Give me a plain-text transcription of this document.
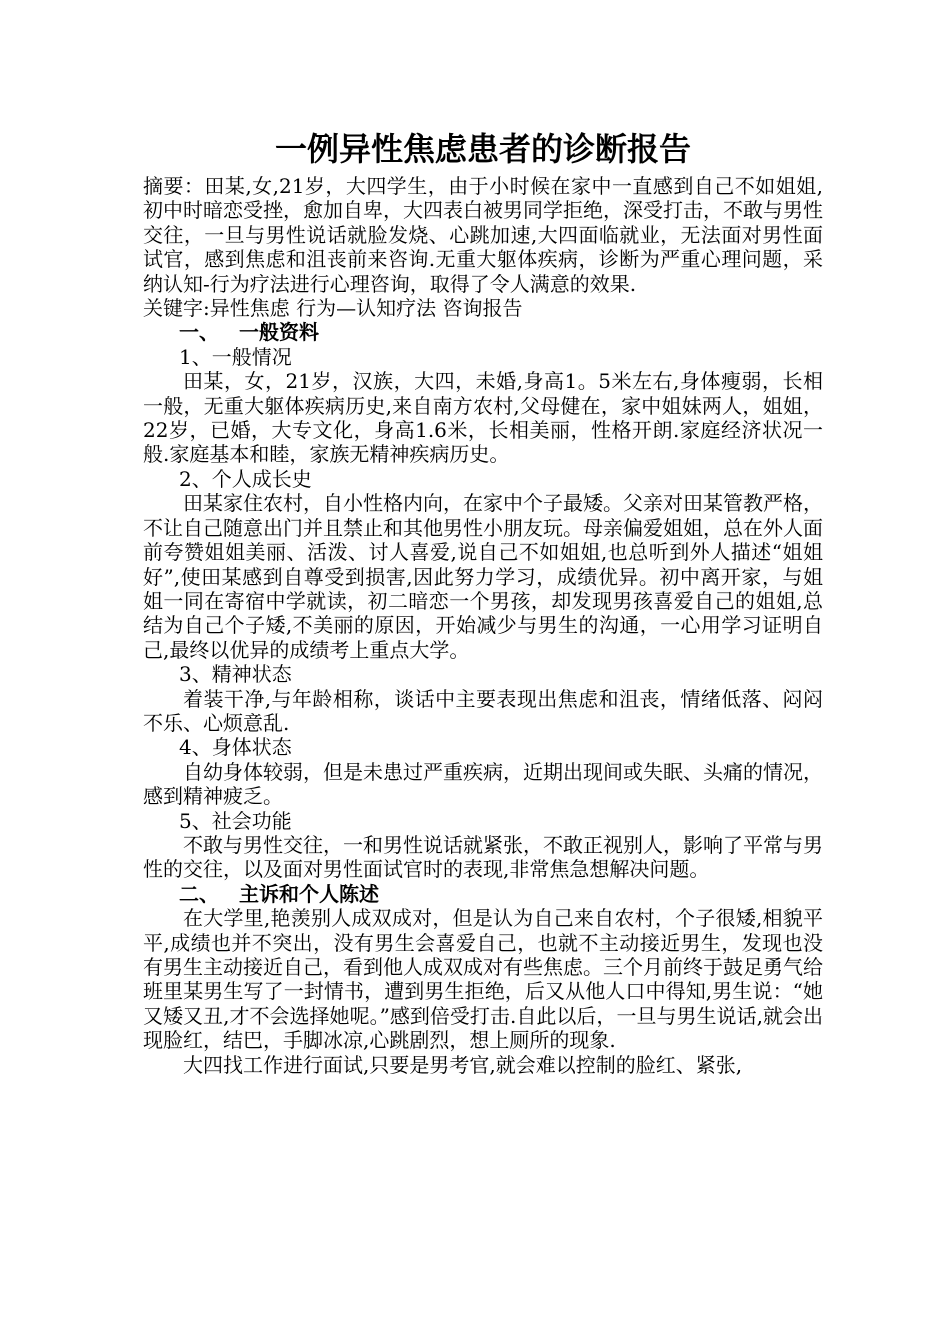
一例异性焦虑患者的诊断报告

摘要：田某,女,21岁，大四学生，由于小时候在家中一直感到自己不如姐姐,初中时暗恋受挫，愈加自卑，大四表白被男同学拒绝，深受打击，不敢与男性交往，一旦与男性说话就脸发烧、心跳加速,大四面临就业，无法面对男性面试官，感到焦虑和沮丧前来咨询.无重大躯体疾病，诊断为严重心理问题，采纳认知-行为疗法进行心理咨询，取得了令人满意的效果.

关键字:异性焦虑 行为—认知疗法 咨询报告

一、 一般资料
1、一般情况

田某，女，21岁，汉族，大四，未婚,身高1。5米左右,身体瘦弱，长相一般，无重大躯体疾病历史,来自南方农村,父母健在，家中姐妹两人，姐姐，22岁，已婚，大专文化，身高1.6米，长相美丽，性格开朗.家庭经济状况一般.家庭基本和睦，家族无精神疾病历史。

2、个人成长史

田某家住农村，自小性格内向，在家中个子最矮。父亲对田某管教严格，不让自己随意出门并且禁止和其他男性小朋友玩。母亲偏爱姐姐，总在外人面前夸赞姐姐美丽、活泼、讨人喜爱,说自己不如姐姐,也总听到外人描述“姐姐好”,使田某感到自尊受到损害,因此努力学习，成绩优异。初中离开家，与姐姐一同在寄宿中学就读，初二暗恋一个男孩，却发现男孩喜爱自己的姐姐,总结为自己个子矮,不美丽的原因，开始减少与男生的沟通，一心用学习证明自己,最终以优异的成绩考上重点大学。

3、精神状态

着装干净,与年龄相称，谈话中主要表现出焦虑和沮丧，情绪低落、闷闷不乐、心烦意乱.

4、身体状态

自幼身体较弱，但是未患过严重疾病，近期出现间或失眠、头痛的情况，感到精神疲乏。

5、社会功能

不敢与男性交往，一和男性说话就紧张，不敢正视别人，影响了平常与男性的交往，以及面对男性面试官时的表现,非常焦急想解决问题。

二、 主诉和个人陈述

在大学里,艳羡别人成双成对，但是认为自己来自农村，个子很矮,相貌平平,成绩也并不突出，没有男生会喜爱自己，也就不主动接近男生，发现也没有男生主动接近自己，看到他人成双成对有些焦虑。三个月前终于鼓足勇气给班里某男生写了一封情书，遭到男生拒绝，后又从他人口中得知,男生说：“她又矮又丑,才不会选择她呢。”感到倍受打击.自此以后，一旦与男生说话,就会出现脸红，结巴，手脚冰凉,心跳剧烈，想上厕所的现象.

大四找工作进行面试,只要是男考官,就会难以控制的脸红、紧张,
